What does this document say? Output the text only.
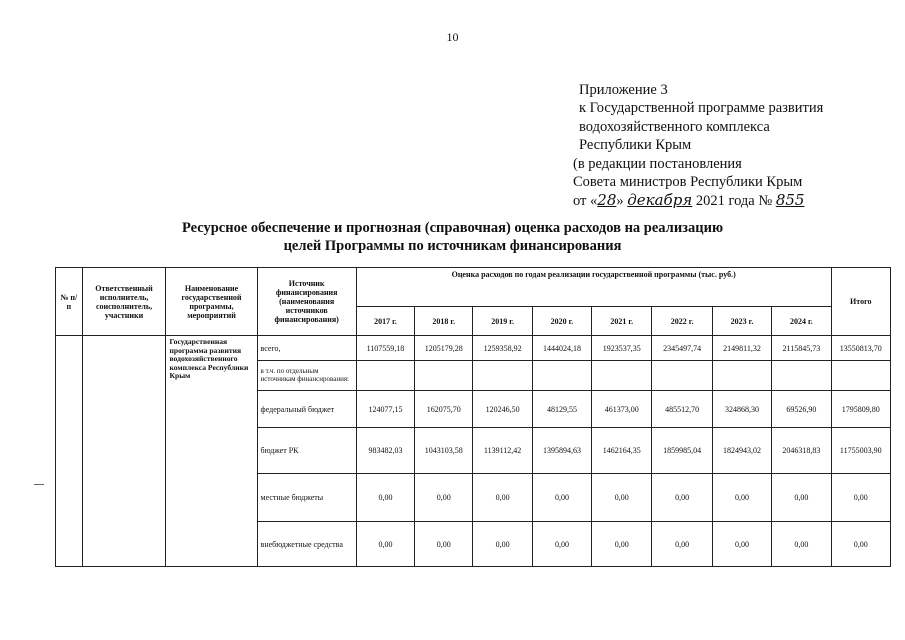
10
Приложение 3
к Государственной программе развития
водохозяйственного комплекса
Республики Крым
(в редакции постановления
Совета министров Республики Крым
от «28» декабря 2021 года № 855
Ресурсное обеспечение и прогнозная (справочная) оценка расходов на реализацию
целей Программы по источникам финансирования
№ п/п	Ответственный исполнитель, соисполнитель, участники	Наименование государственной программы, мероприятий	Источник финансирования (наименования источников финансирования)	Оценка расходов по годам реализации государственной программы (тыс. руб.)								Итого
				2017 г.	2018 г.	2019 г.	2020 г.	2021 г.	2022 г.	2023 г.	2024 г.	
		Государственная программа развития водохозяйственного комплекса Республики Крым	всего,	1107559,18	1205179,28	1259358,92	1444024,18	1923537,35	2345497,74	2149811,32	2115845,73	13550813,70
			в т.ч. по отдельным источникам финансирования:									
			федеральный бюджет	124077,15	162075,70	120246,50	48129,55	461373,00	485512,70	324868,30	69526,90	1795809,80
			бюджет РК	983482,03	1043103,58	1139112,42	1395894,63	1462164,35	1859985,04	1824943,02	2046318,83	11755003,90
			местные бюджеты	0,00	0,00	0,00	0,00	0,00	0,00	0,00	0,00	0,00
			внебюджетные средства	0,00	0,00	0,00	0,00	0,00	0,00	0,00	0,00	0,00
